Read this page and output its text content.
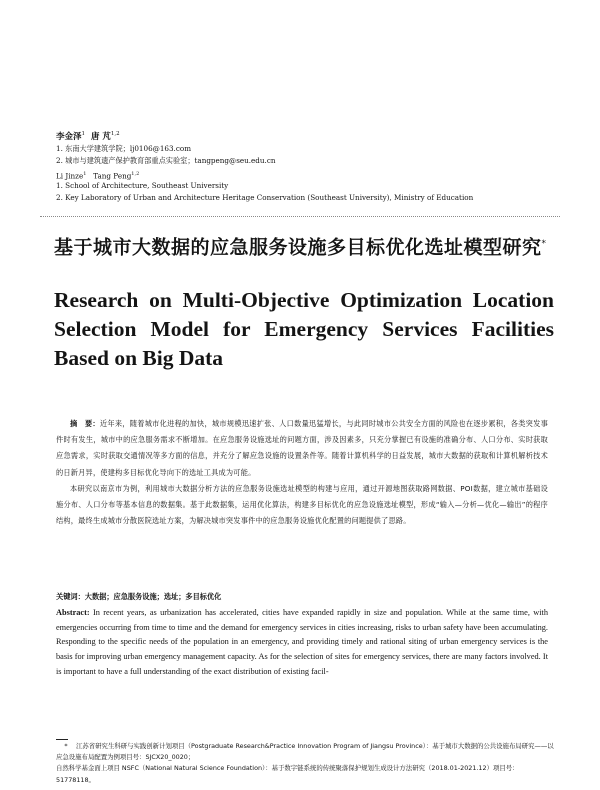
李金泽$^1$ 唐 芃$^{1,2}$
1. 东南大学建筑学院；lj0106@163.com
2. 城市与建筑遗产保护教育部重点实验室；tangpeng@seu.edu.cn
Li Jinze$^1$ Tang Peng$^{1,2}$
1. School of Architecture, Southeast University
2. Key Laboratory of Urban and Architecture Heritage Conservation (Southeast University), Ministry of Education
基于城市大数据的应急服务设施多目标优化选址模型研究*
Research on Multi-Objective Optimization Location Selection Model for Emergency Services Facilities Based on Big Data
摘　要：近年来，随着城市化进程的加快，城市规模迅速扩张、人口数量迅猛增长，与此同时城市公共安全方面的风险也在逐步累积，各类突发事件时有发生，城市中的应急服务需求不断增加。在应急服务设施选址的问题方面，涉及因素多，只充分掌握已有设施的准确分布、人口分布、实时获取应急需求，实时获取交通情况等多方面的信息，并充分了解应急设施的设置条件等。随着计算机科学的日益发展，城市大数据的获取和计算机解析技术的日新月异，使建构多目标优化导向下的选址工具成为可能。
本研究以南京市为例，利用城市大数据分析方法的应急服务设施选址模型的构建与应用，通过开源地图获取路网数据、POI数据，建立城市基础设施分布、人口分布等基本信息的数据集。基于此数据集，运用优化算法，构建多目标优化的应急设施选址模型，形成“输入—分析—优化—输出”的程序结构，最终生成城市分散医院选址方案，为解决城市突发事件中的应急服务设施优化配置的问题提供了思路。
关键词：大数据；应急服务设施；选址；多目标优化
Abstract: In recent years, as urbanization has accelerated, cities have expanded rapidly in size and population. While at the same time, with emergencies occurring from time to time and the demand for emergency services in cities increasing, risks to urban safety have been accumulating. Responding to the specific needs of the population in an emergency, and providing timely and rational siting of urban emergency services is the basis for improving urban emergency management capacity. As for the selection of sites for emergency services, there are many factors involved. It is important to have a full understanding of the exact distribution of existing facil-

* 江苏省研究生科研与实践创新计划项目（Postgraduate Research&Practice Innovation Program of Jiangsu Province）：基于城市大数据的公共设施布局研究——以应急设施布局配置为例项目号：SJCX20_0020；

自然科学基金面上项目 NSFC（National Natural Science Foundation）：基于数字链系统的传统聚落保护规划生成设计方法研究（2018.01-2021.12）项目号：51778118。
